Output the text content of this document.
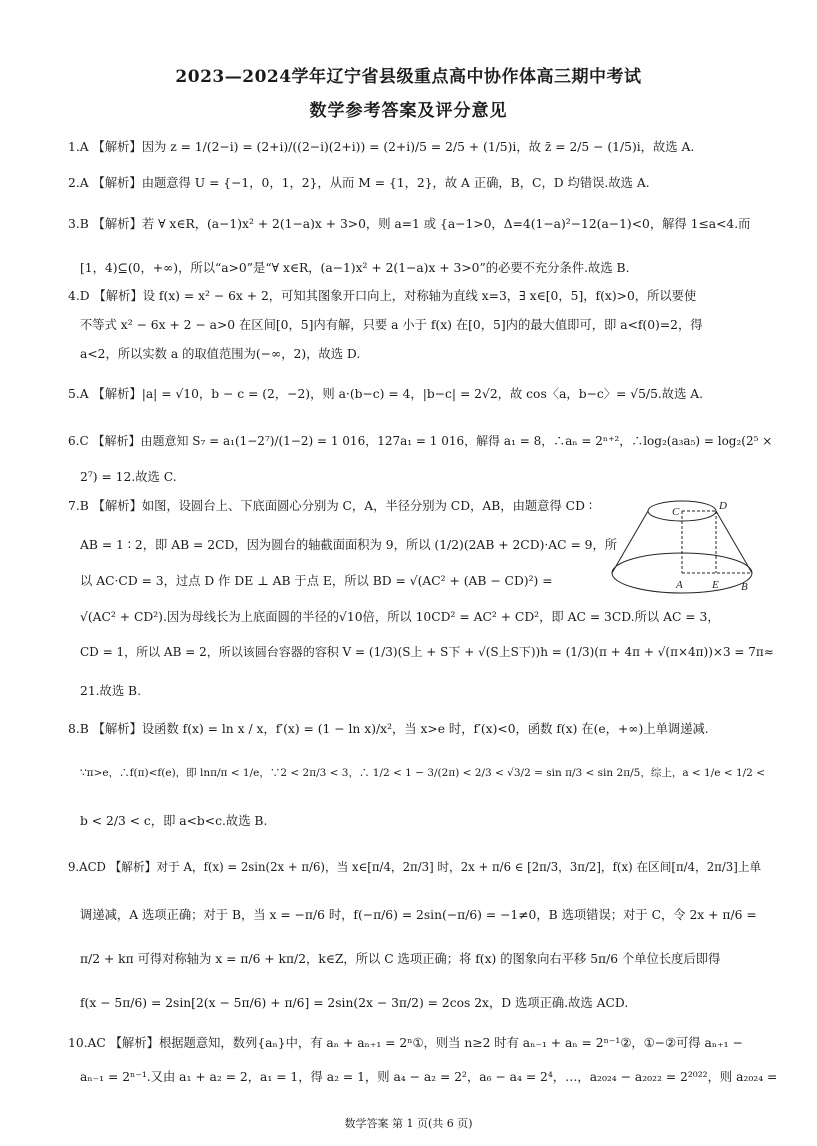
2023—2024学年辽宁省县级重点高中协作体高三期中考试
数学参考答案及评分意见
1.A 【解析】因为 z = 1/(2−i) = (2+i)/((2−i)(2+i)) = (2+i)/5 = 2/5 + (1/5)i，故 z̄ = 2/5 − (1/5)i，故选 A.
2.A 【解析】由题意得 U = {−1，0，1，2}，从而 M = {1，2}，故 A 正确，B，C，D 均错误.故选 A.
3.B 【解析】若 ∀ x∈R，(a−1)x² + 2(1−a)x + 3>0，则 a=1 或 {a−1>0，Δ=4(1−a)²−12(a−1)<0，解得 1≤a<4.而
[1，4)⊆(0，+∞)，所以“a>0”是“∀ x∈R，(a−1)x² + 2(1−a)x + 3>0”的必要不充分条件.故选 B.
4.D 【解析】设 f(x) = x² − 6x + 2，可知其图象开口向上，对称轴为直线 x=3，∃ x∈[0，5]，f(x)>0，所以要使
不等式 x² − 6x + 2 − a>0 在区间[0，5]内有解，只要 a 小于 f(x) 在[0，5]内的最大值即可，即 a<f(0)=2，得
a<2，所以实数 a 的取值范围为(−∞，2)，故选 D.
5.A 【解析】|a| = √10，b − c = (2，−2)，则 a·(b−c) = 4，|b−c| = 2√2，故 cos〈a，b−c〉= √5/5.故选 A.
6.C 【解析】由题意知 S₇ = a₁(1−2⁷)/(1−2) = 1 016，127a₁ = 1 016，解得 a₁ = 8，∴aₙ = 2ⁿ⁺²，∴log₂(a₃a₅) = log₂(2⁵ ×
2⁷) = 12.故选 C.
7.B 【解析】如图，设圆台上、下底面圆心分别为 C，A，半径分别为 CD，AB，由题意得 CD ∶
AB = 1 ∶ 2，即 AB = 2CD，因为圆台的轴截面面积为 9，所以 (1/2)(2AB + 2CD)·AC = 9，所
以 AC·CD = 3，过点 D 作 DE ⊥ AB 于点 E，所以 BD = √(AC² + (AB − CD)²) =
√(AC² + CD²).因为母线长为上底面圆的半径的√10倍，所以 10CD² = AC² + CD²，即 AC = 3CD.所以 AC = 3，
CD = 1，所以 AB = 2，所以该圆台容器的容积 V = (1/3)(S上 + S下 + √(S上S下))h = (1/3)(π + 4π + √(π×4π))×3 = 7π≈
21.故选 B.
8.B 【解析】设函数 f(x) = ln x / x，f′(x) = (1 − ln x)/x²，当 x>e 时，f′(x)<0，函数 f(x) 在(e，+∞)上单调递减.
∵π>e，∴f(π)<f(e)，即 lnπ/π < 1/e，∵2 < 2π/3 < 3，∴ 1/2 < 1 − 3/(2π) < 2/3 < √3/2 = sin π/3 < sin 2π/5，综上，a < 1/e < 1/2 <
b < 2/3 < c，即 a<b<c.故选 B.
9.ACD 【解析】对于 A，f(x) = 2sin(2x + π/6)，当 x∈[π/4，2π/3] 时，2x + π/6 ∈ [2π/3，3π/2]，f(x) 在区间[π/4，2π/3]上单
调递减，A 选项正确；对于 B，当 x = −π/6 时，f(−π/6) = 2sin(−π/6) = −1≠0，B 选项错误；对于 C，令 2x + π/6 =
π/2 + kπ 可得对称轴为 x = π/6 + kπ/2，k∈Z，所以 C 选项正确；将 f(x) 的图象向右平移 5π/6 个单位长度后即得
f(x − 5π/6) = 2sin[2(x − 5π/6) + π/6] = 2sin(2x − 3π/2) = 2cos 2x，D 选项正确.故选 ACD.
10.AC 【解析】根据题意知，数列{aₙ}中，有 aₙ + aₙ₊₁ = 2ⁿ①，则当 n≥2 时有 aₙ₋₁ + aₙ = 2ⁿ⁻¹②，①−②可得 aₙ₊₁ −
aₙ₋₁ = 2ⁿ⁻¹.又由 a₁ + a₂ = 2，a₁ = 1，得 a₂ = 1，则 a₄ − a₂ = 2²，a₆ − a₄ = 2⁴，…，a₂₀₂₄ − a₂₀₂₂ = 2²⁰²²，则 a₂₀₂₄ =
C	D
A	E B
数学答案 第 1 页(共 6 页)
